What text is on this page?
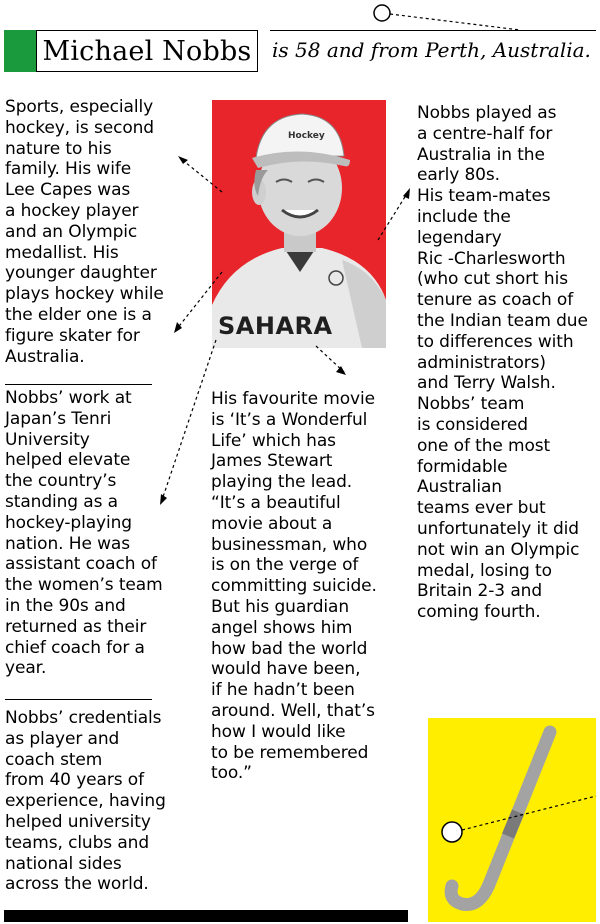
Michael Nobbs is 58 and from Perth, Australia.
Sports, especially
hockey, is second
nature to his
family. His wife
Lee Capes was
a hockey player
and an Olympic
medallist. His
younger daughter
plays hockey while
the elder one is a
figure skater for
Australia.
Nobbs’ work at
Japan’s Tenri
University
helped elevate
the country’s
standing as a
hockey-playing
nation. He was
assistant coach of
the women’s team
in the 90s and
returned as their
chief coach for a
year.
Nobbs’ credentials
as player and
coach stem
from 40 years of
experience, having
helped university
teams, clubs and
national sides
across the world.
Hockey
SAHARA
His favourite movie
is ‘It’s a Wonderful
Life’ which has
James Stewart
playing the lead.
“It’s a beautiful
movie about a
businessman, who
is on the verge of
committing suicide.
But his guardian
angel shows him
how bad the world
would have been,
if he hadn’t been
around. Well, that’s
how I would like
to be remembered
too.”
Nobbs played as
a centre-half for
Australia in the
early 80s.
His team-mates
include the
legendary
Ric -Charlesworth
(who cut short his
tenure as coach of
the Indian team due
to differences with
administrators)
and Terry Walsh.
Nobbs’ team
is considered
one of the most
formidable
Australian
teams ever but
unfortunately it did
not win an Olympic
medal, losing to
Britain 2-3 and
coming fourth.
